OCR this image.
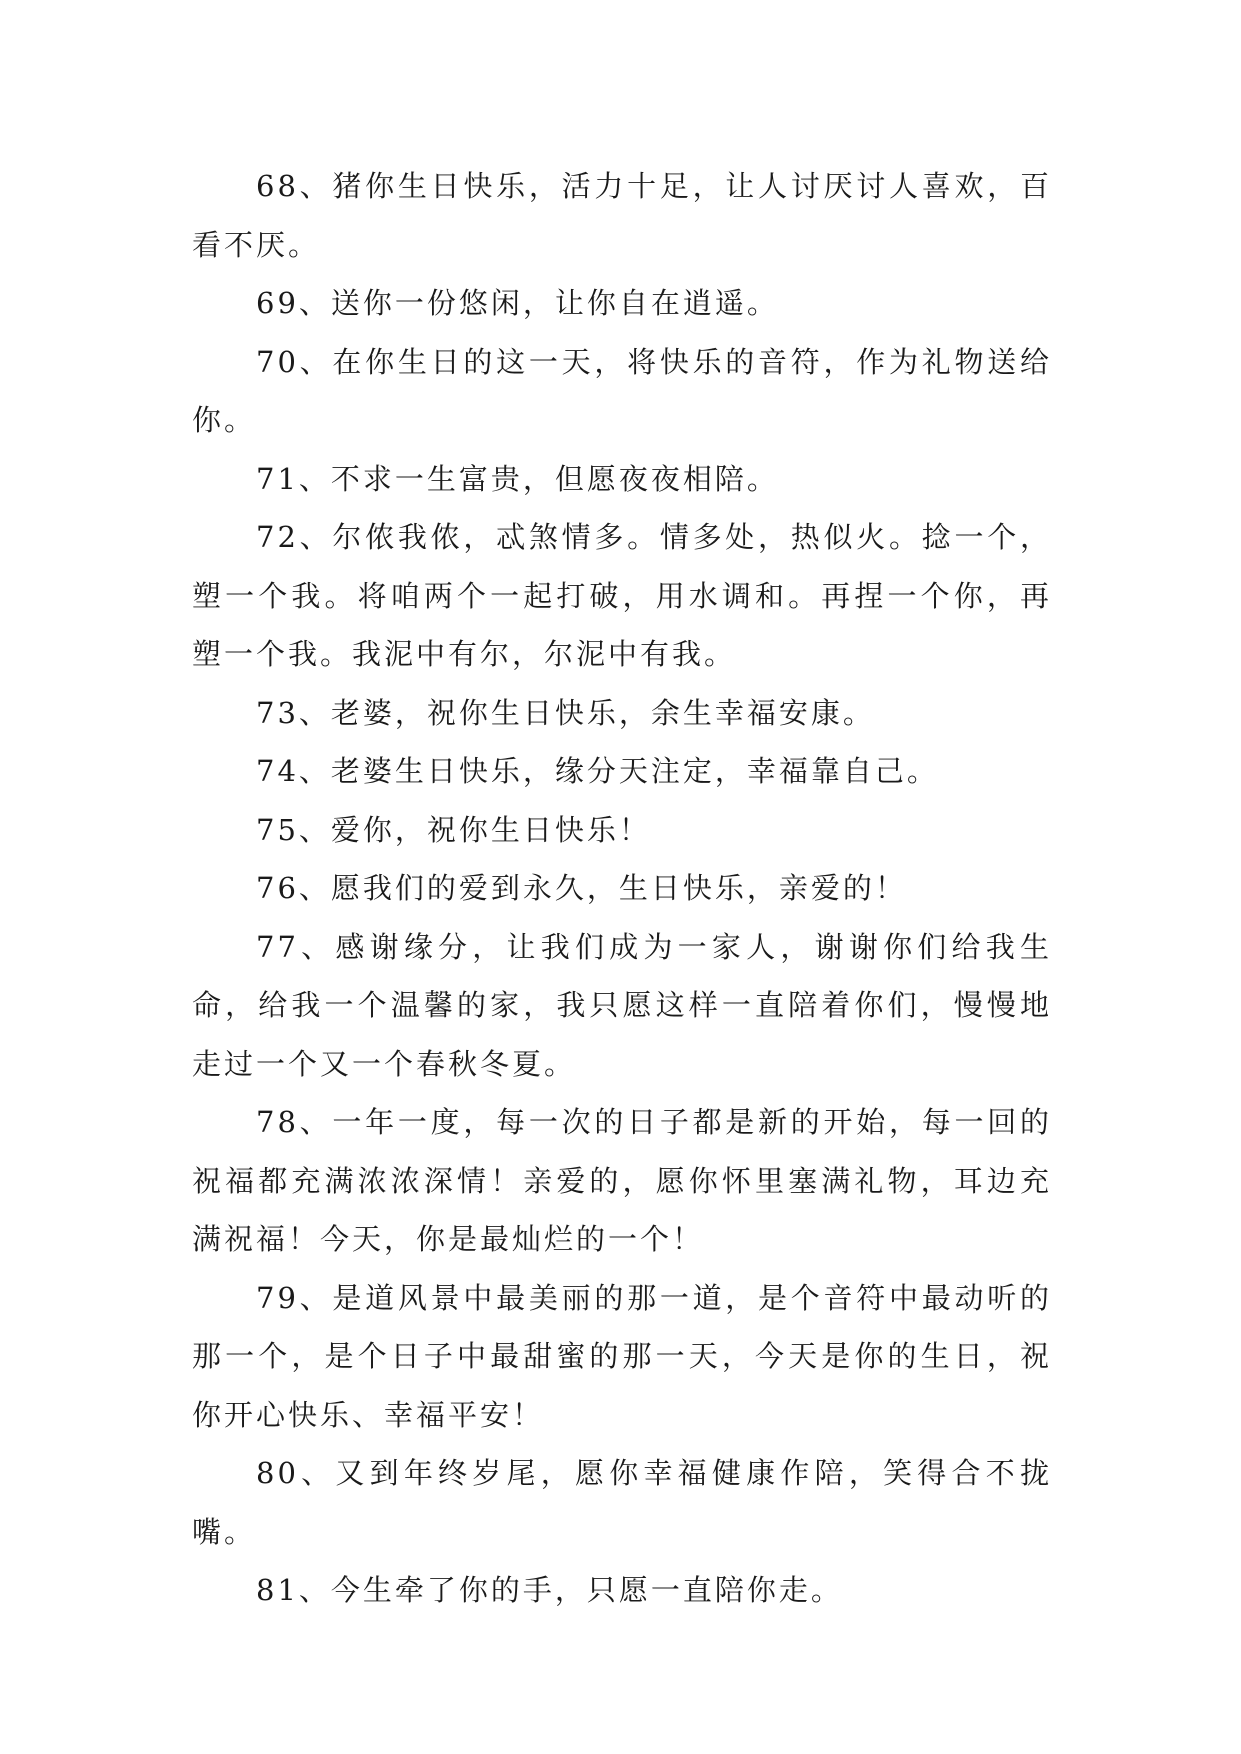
68、猪你生日快乐，活力十足，让人讨厌讨人喜欢，百看不厌。

69、送你一份悠闲，让你自在逍遥。

70、在你生日的这一天，将快乐的音符，作为礼物送给你。

71、不求一生富贵，但愿夜夜相陪。

72、尔侬我侬，忒煞情多。情多处，热似火。捻一个，塑一个我。将咱两个一起打破，用水调和。再捏一个你，再塑一个我。我泥中有尔，尔泥中有我。

73、老婆，祝你生日快乐，余生幸福安康。

74、老婆生日快乐，缘分天注定，幸福靠自己。

75、爱你，祝你生日快乐！

76、愿我们的爱到永久，生日快乐，亲爱的！

77、感谢缘分，让我们成为一家人，谢谢你们给我生命，给我一个温馨的家，我只愿这样一直陪着你们，慢慢地走过一个又一个春秋冬夏。

78、一年一度，每一次的日子都是新的开始，每一回的祝福都充满浓浓深情！亲爱的，愿你怀里塞满礼物，耳边充满祝福！今天，你是最灿烂的一个！

79、是道风景中最美丽的那一道，是个音符中最动听的那一个，是个日子中最甜蜜的那一天，今天是你的生日，祝你开心快乐、幸福平安！

80、又到年终岁尾，愿你幸福健康作陪，笑得合不拢嘴。

81、今生牵了你的手，只愿一直陪你走。
